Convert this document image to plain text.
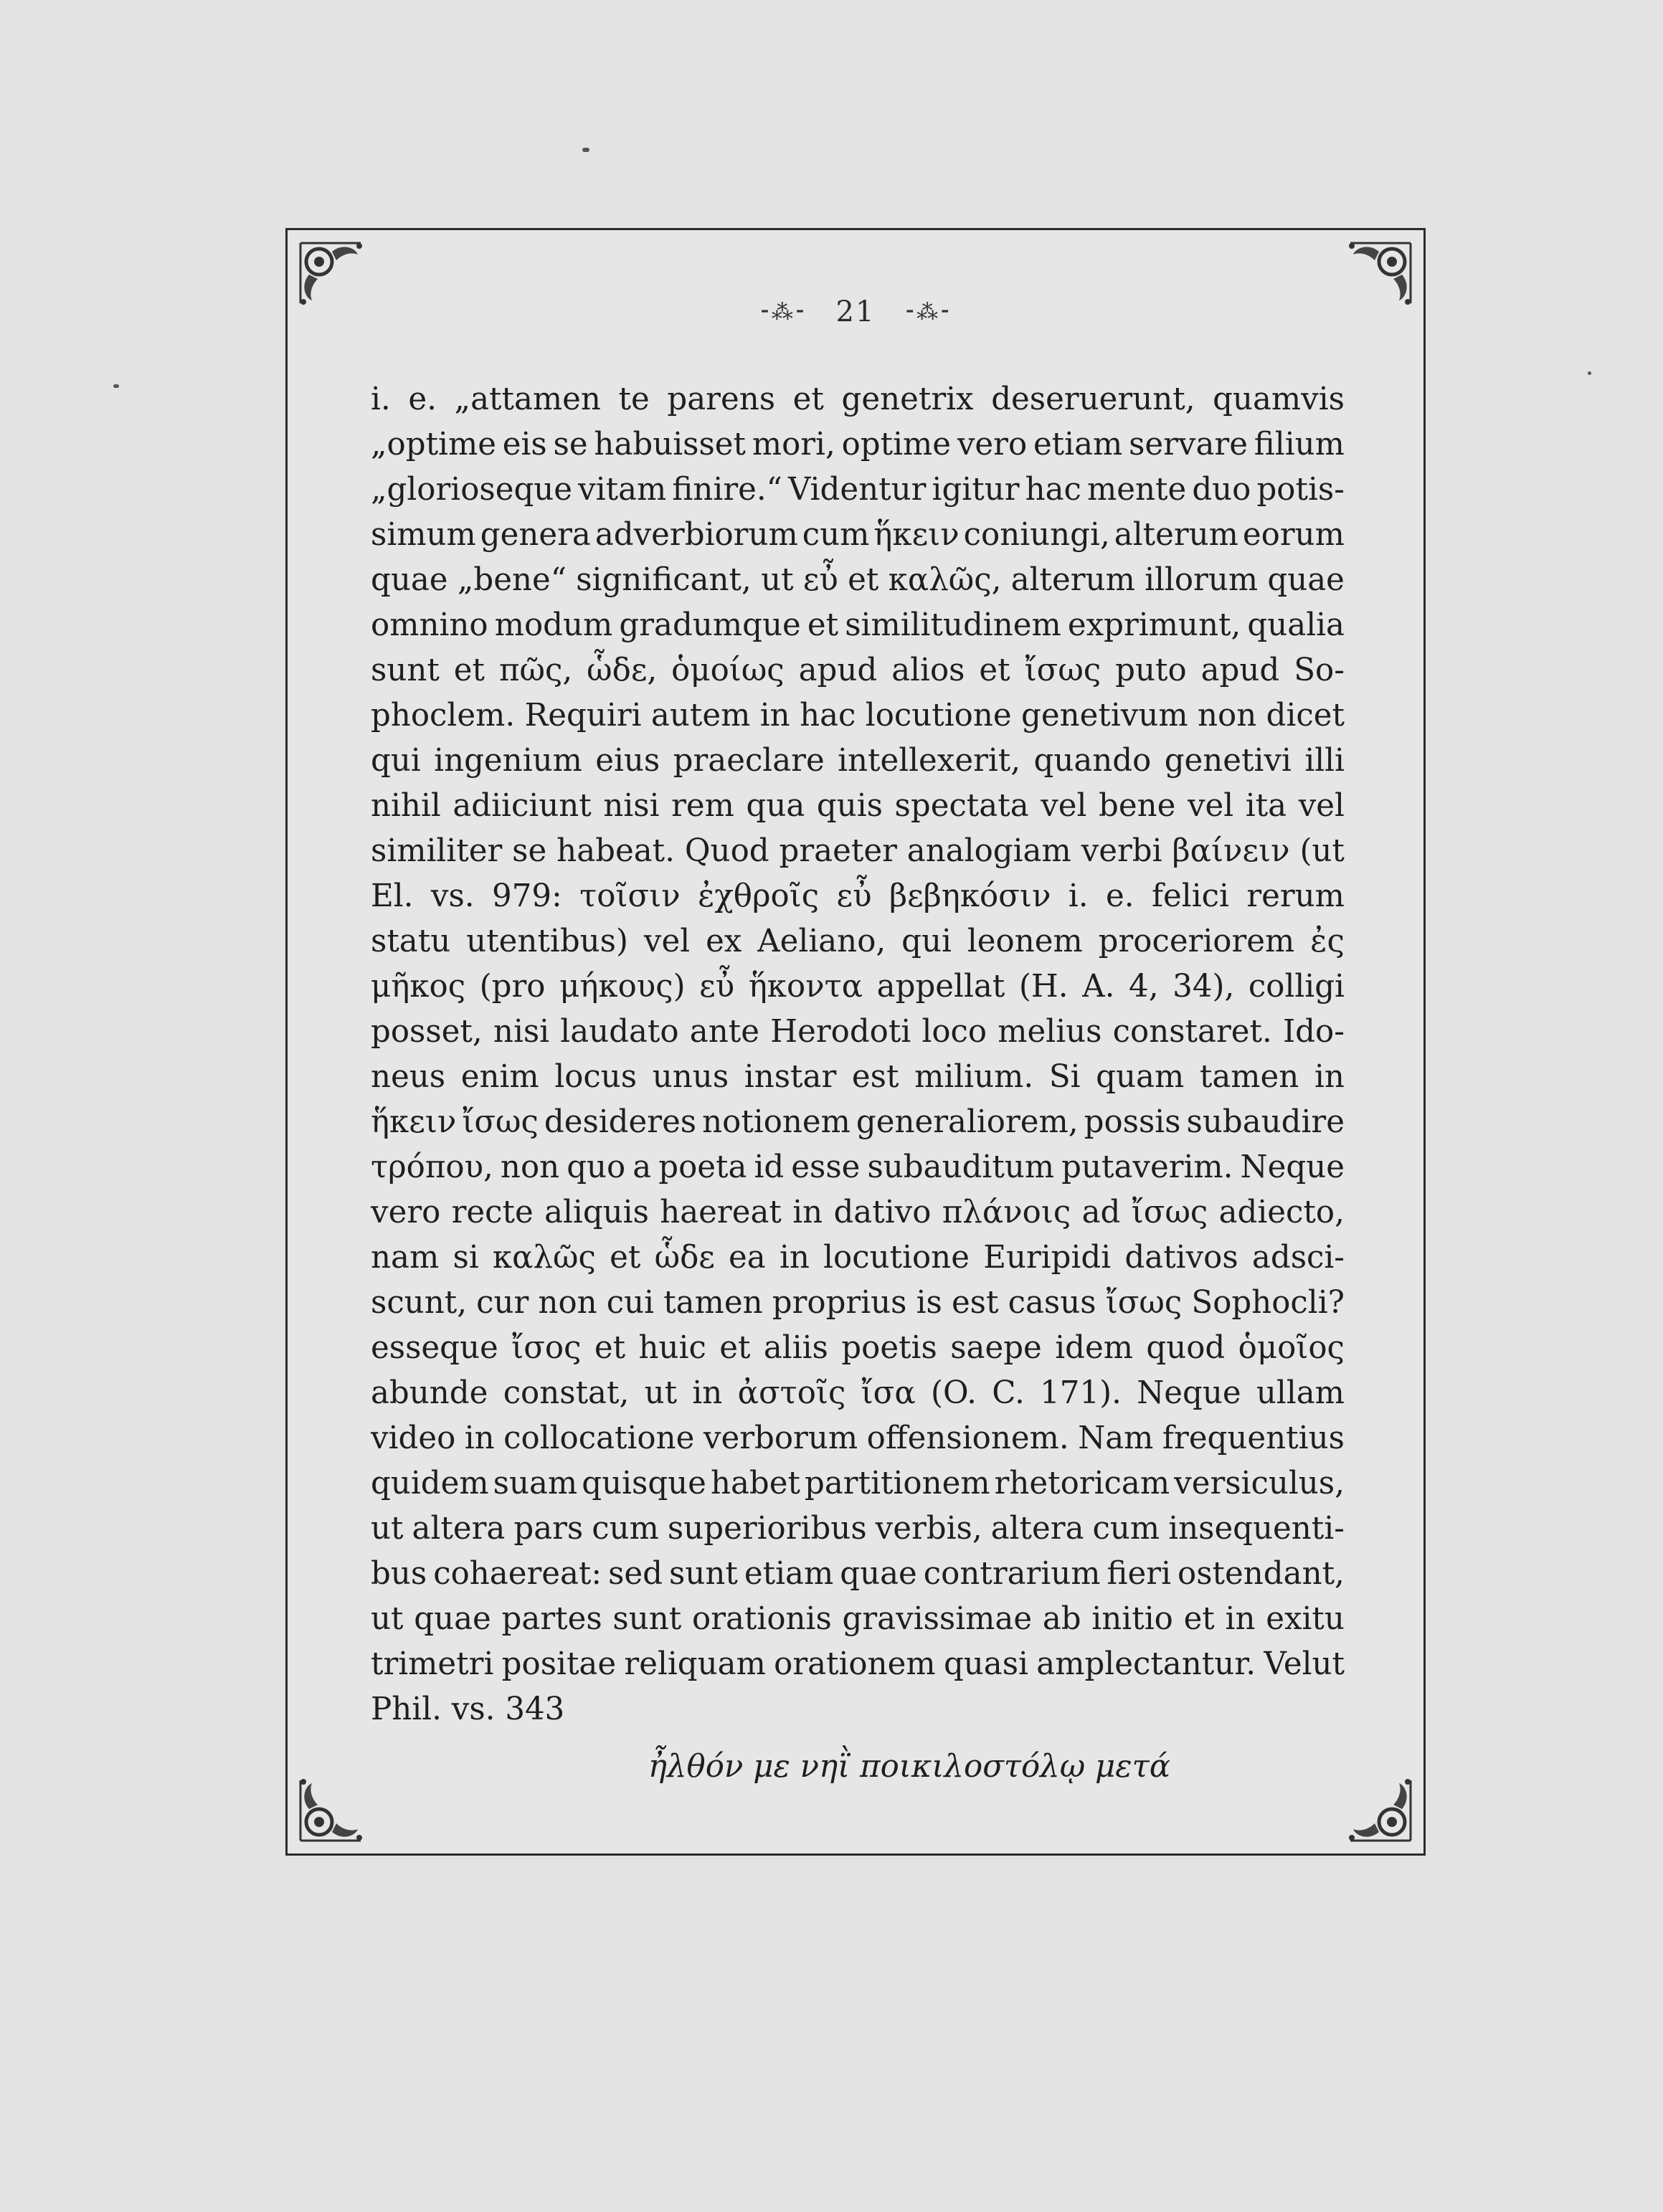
⁃⁂⁃ 21 ⁃⁂⁃
i. e. „attamen te parens et genetrix deseruerunt, quamvis
„optime eis se habuisset mori, optime vero etiam servare filium
„glorioseque vitam finire.“ Videntur igitur hac mente duo potis-
simum genera adverbiorum cum ἥκειν coniungi, alterum eorum
quae „bene“ significant, ut εὖ et καλῶς, alterum illorum quae
omnino modum gradumque et similitudinem exprimunt, qualia
sunt et πῶς, ὧδε, ὁμοίως apud alios et ἴσως puto apud So-
phoclem. Requiri autem in hac locutione genetivum non dicet
qui ingenium eius praeclare intellexerit, quando genetivi illi
nihil adiiciunt nisi rem qua quis spectata vel bene vel ita vel
similiter se habeat. Quod praeter analogiam verbi βαίνειν (ut
El. vs. 979: τοῖσιν ἐχθροῖς εὖ βεβηκόσιν i. e. felici rerum
statu utentibus) vel ex Aeliano, qui leonem proceriorem ἐς
μῆκος (pro μήκους) εὖ ἥκοντα appellat (H. A. 4, 34), colligi
posset, nisi laudato ante Herodoti loco melius constaret. Ido-
neus enim locus unus instar est milium. Si quam tamen in
ἥκειν ἴσως desideres notionem generaliorem, possis subaudire
τρόπου, non quo a poeta id esse subauditum putaverim. Neque
vero recte aliquis haereat in dativo πλάνοις ad ἴσως adiecto,
nam si καλῶς et ὧδε ea in locutione Euripidi dativos adsci-
scunt, cur non cui tamen proprius is est casus ἴσως Sophocli?
esseque ἴσος et huic et aliis poetis saepe idem quod ὁμοῖος
abunde constat, ut in ἀστοῖς ἴσα (O. C. 171). Neque ullam
video in collocatione verborum offensionem. Nam frequentius
quidem suam quisque habet partitionem rhetoricam versiculus,
ut altera pars cum superioribus verbis, altera cum insequenti-
bus cohaereat: sed sunt etiam quae contrarium fieri ostendant,
ut quae partes sunt orationis gravissimae ab initio et in exitu
trimetri positae reliquam orationem quasi amplectantur. Velut
Phil. vs. 343
ἦλθόν με νηῒ ποικιλοστόλῳ μετά
